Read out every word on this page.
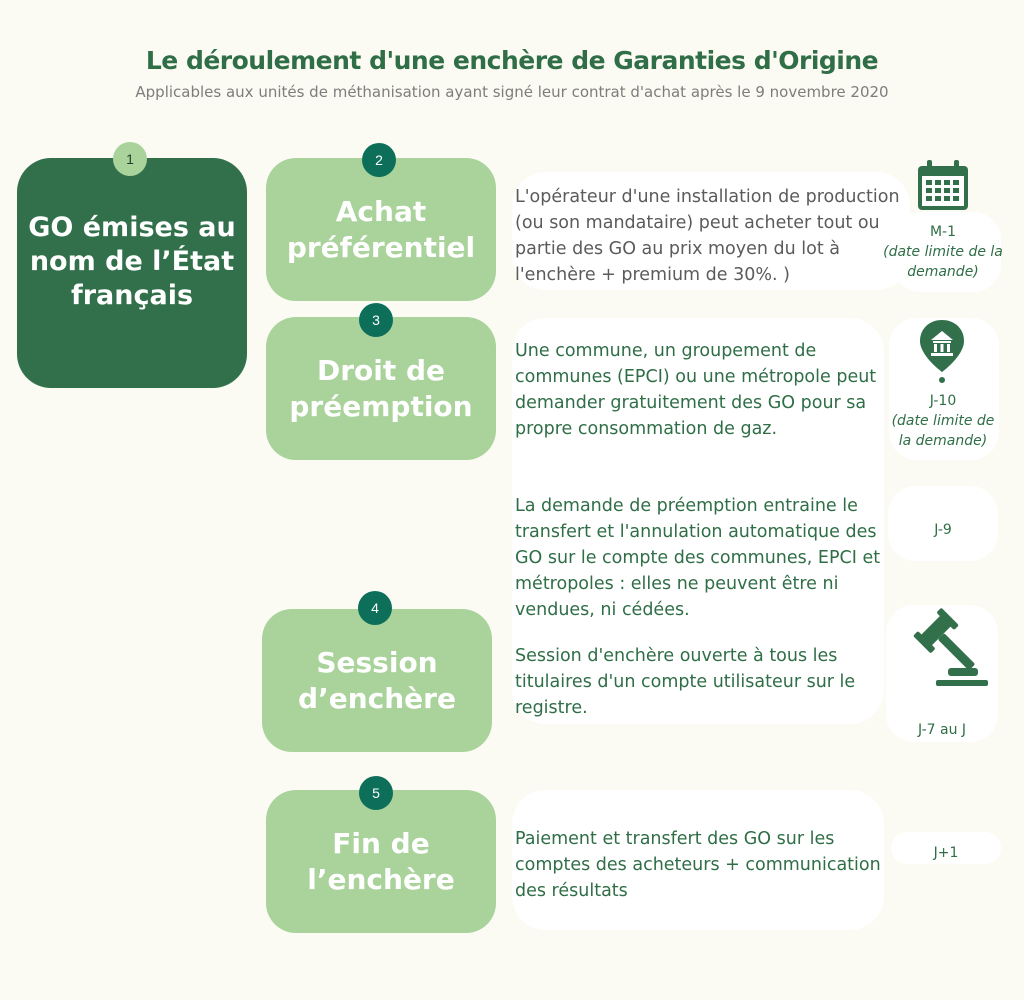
Le déroulement d'une enchère de Garanties d'Origine
Applicables aux unités de méthanisation ayant signé leur contrat d'achat après le 9 novembre 2020
GO émises au nom de l’État français
1
Achat préférentiel
2
Droit de préemption
3
Session d’enchère
4
Fin de l’enchère
5
L'opérateur d'une installation de production (ou son mandataire) peut acheter tout ou partie des GO au prix moyen du lot à l'enchère + premium de 30%. )
Une commune, un groupement de communes (EPCI) ou une métropole peut demander gratuitement des GO pour sa propre consommation de gaz.
La demande de préemption entraine le transfert et l'annulation automatique des GO sur le compte des communes, EPCI et métropoles : elles ne peuvent être ni vendues, ni cédées.
Session d'enchère ouverte à tous les titulaires d'un compte utilisateur sur le registre.
Paiement et transfert des GO sur les comptes des acheteurs + communication des résultats
M-1
(date limite de la demande)
J-10
(date limite de la demande)
J-9
J-7 au J
J+1
